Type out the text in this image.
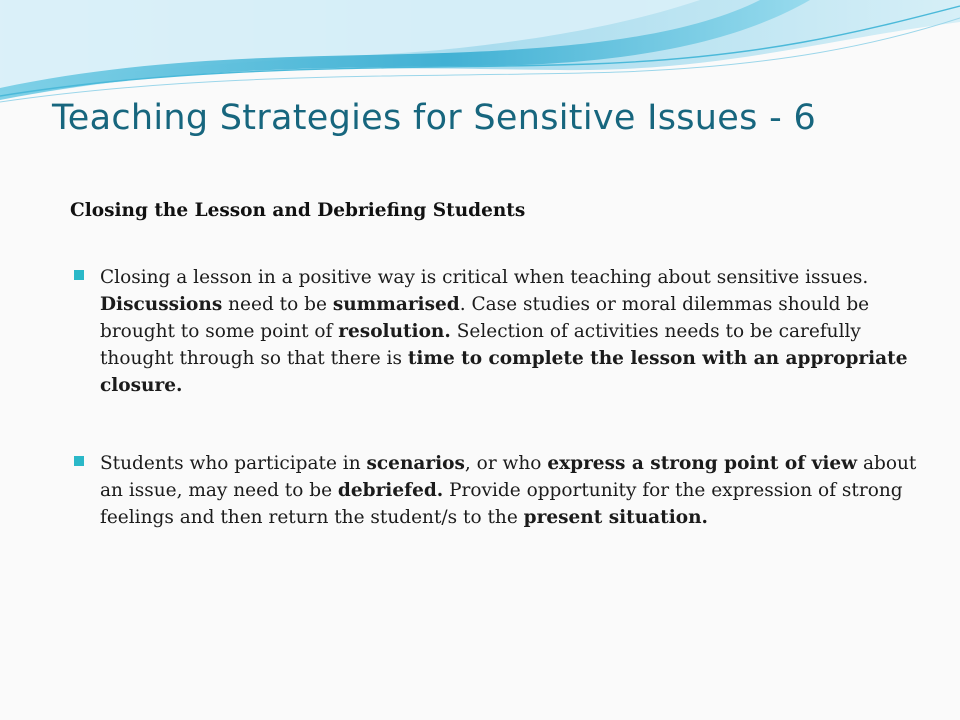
Teaching Strategies for Sensitive Issues - 6

Closing the Lesson and Debriefing Students

Closing a lesson in a positive way is critical when teaching about sensitive issues. Discussions need to be summarised. Case studies or moral dilemmas should be brought to some point of resolution. Selection of activities needs to be carefully thought through so that there is time to complete the lesson with an appropriate closure.
Students who participate in scenarios, or who express a strong point of view about an issue, may need to be debriefed. Provide opportunity for the expression of strong feelings and then return the student/s to the present situation.
